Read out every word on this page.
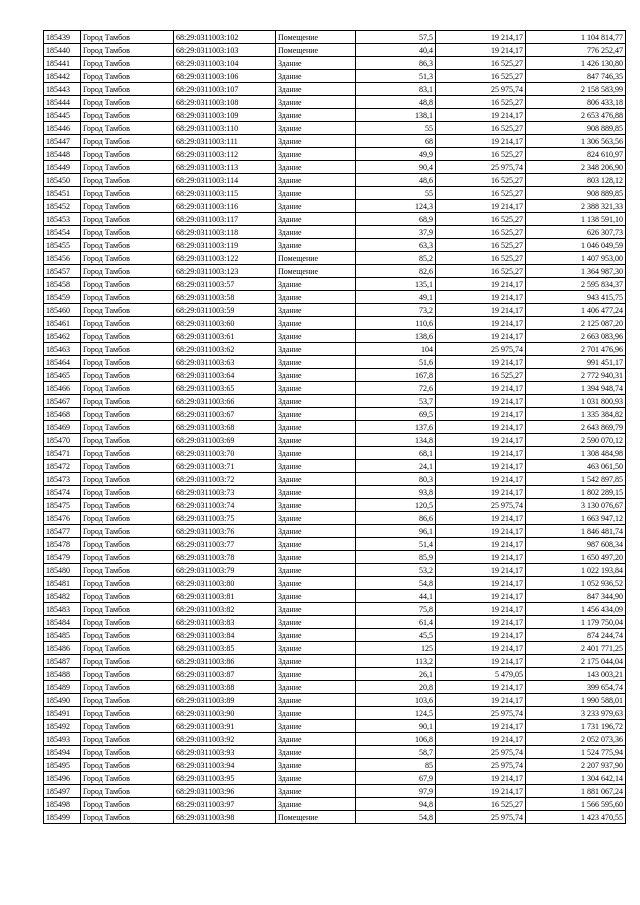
185439	Город Тамбов	68:29:0311003:102	Помещение	57,5	19 214,17	1 104 814,77
185440	Город Тамбов	68:29:0311003:103	Помещение	40,4	19 214,17	776 252,47
185441	Город Тамбов	68:29:0311003:104	Здание	86,3	16 525,27	1 426 130,80
185442	Город Тамбов	68:29:0311003:106	Здание	51,3	16 525,27	847 746,35
185443	Город Тамбов	68:29:0311003:107	Здание	83,1	25 975,74	2 158 583,99
185444	Город Тамбов	68:29:0311003:108	Здание	48,8	16 525,27	806 433,18
185445	Город Тамбов	68:29:0311003:109	Здание	138,1	19 214,17	2 653 476,88
185446	Город Тамбов	68:29:0311003:110	Здание	55	16 525,27	908 889,85
185447	Город Тамбов	68:29:0311003:111	Здание	68	19 214,17	1 306 563,56
185448	Город Тамбов	68:29:0311003:112	Здание	49,9	16 525,27	824 610,97
185449	Город Тамбов	68:29:0311003:113	Здание	90,4	25 975,74	2 348 206,90
185450	Город Тамбов	68:29:0311003:114	Здание	48,6	16 525,27	803 128,12
185451	Город Тамбов	68:29:0311003:115	Здание	55	16 525,27	908 889,85
185452	Город Тамбов	68:29:0311003:116	Здание	124,3	19 214,17	2 388 321,33
185453	Город Тамбов	68:29:0311003:117	Здание	68,9	16 525,27	1 138 591,10
185454	Город Тамбов	68:29:0311003:118	Здание	37,9	16 525,27	626 307,73
185455	Город Тамбов	68:29:0311003:119	Здание	63,3	16 525,27	1 046 049,59
185456	Город Тамбов	68:29:0311003:122	Помещение	85,2	16 525,27	1 407 953,00
185457	Город Тамбов	68:29:0311003:123	Помещение	82,6	16 525,27	1 364 987,30
185458	Город Тамбов	68:29:0311003:57	Здание	135,1	19 214,17	2 595 834,37
185459	Город Тамбов	68:29:0311003:58	Здание	49,1	19 214,17	943 415,75
185460	Город Тамбов	68:29:0311003:59	Здание	73,2	19 214,17	1 406 477,24
185461	Город Тамбов	68:29:0311003:60	Здание	110,6	19 214,17	2 125 087,20
185462	Город Тамбов	68:29:0311003:61	Здание	138,6	19 214,17	2 663 083,96
185463	Город Тамбов	68:29:0311003:62	Здание	104	25 975,74	2 701 476,96
185464	Город Тамбов	68:29:0311003:63	Здание	51,6	19 214,17	991 451,17
185465	Город Тамбов	68:29:0311003:64	Здание	167,8	16 525,27	2 772 940,31
185466	Город Тамбов	68:29:0311003:65	Здание	72,6	19 214,17	1 394 948,74
185467	Город Тамбов	68:29:0311003:66	Здание	53,7	19 214,17	1 031 800,93
185468	Город Тамбов	68:29:0311003:67	Здание	69,5	19 214,17	1 335 384,82
185469	Город Тамбов	68:29:0311003:68	Здание	137,6	19 214,17	2 643 869,79
185470	Город Тамбов	68:29:0311003:69	Здание	134,8	19 214,17	2 590 070,12
185471	Город Тамбов	68:29:0311003:70	Здание	68,1	19 214,17	1 308 484,98
185472	Город Тамбов	68:29:0311003:71	Здание	24,1	19 214,17	463 061,50
185473	Город Тамбов	68:29:0311003:72	Здание	80,3	19 214,17	1 542 897,85
185474	Город Тамбов	68:29:0311003:73	Здание	93,8	19 214,17	1 802 289,15
185475	Город Тамбов	68:29:0311003:74	Здание	120,5	25 975,74	3 130 076,67
185476	Город Тамбов	68:29:0311003:75	Здание	86,6	19 214,17	1 663 947,12
185477	Город Тамбов	68:29:0311003:76	Здание	96,1	19 214,17	1 846 481,74
185478	Город Тамбов	68:29:0311003:77	Здание	51,4	19 214,17	987 608,34
185479	Город Тамбов	68:29:0311003:78	Здание	85,9	19 214,17	1 650 497,20
185480	Город Тамбов	68:29:0311003:79	Здание	53,2	19 214,17	1 022 193,84
185481	Город Тамбов	68:29:0311003:80	Здание	54,8	19 214,17	1 052 936,52
185482	Город Тамбов	68:29:0311003:81	Здание	44,1	19 214,17	847 344,90
185483	Город Тамбов	68:29:0311003:82	Здание	75,8	19 214,17	1 456 434,09
185484	Город Тамбов	68:29:0311003:83	Здание	61,4	19 214,17	1 179 750,04
185485	Город Тамбов	68:29:0311003:84	Здание	45,5	19 214,17	874 244,74
185486	Город Тамбов	68:29:0311003:85	Здание	125	19 214,17	2 401 771,25
185487	Город Тамбов	68:29:0311003:86	Здание	113,2	19 214,17	2 175 044,04
185488	Город Тамбов	68:29:0311003:87	Здание	26,1	5 479,05	143 003,21
185489	Город Тамбов	68:29:0311003:88	Здание	20,8	19 214,17	399 654,74
185490	Город Тамбов	68:29:0311003:89	Здание	103,6	19 214,17	1 990 588,01
185491	Город Тамбов	68:29:0311003:90	Здание	124,5	25 975,74	3 233 979,63
185492	Город Тамбов	68:29:0311003:91	Здание	90,1	19 214,17	1 731 196,72
185493	Город Тамбов	68:29:0311003:92	Здание	106,8	19 214,17	2 052 073,36
185494	Город Тамбов	68:29:0311003:93	Здание	58,7	25 975,74	1 524 775,94
185495	Город Тамбов	68:29:0311003:94	Здание	85	25 975,74	2 207 937,90
185496	Город Тамбов	68:29:0311003:95	Здание	67,9	19 214,17	1 304 642,14
185497	Город Тамбов	68:29:0311003:96	Здание	97,9	19 214,17	1 881 067,24
185498	Город Тамбов	68:29:0311003:97	Здание	94,8	16 525,27	1 566 595,60
185499	Город Тамбов	68:29:0311003:98	Помещение	54,8	25 975,74	1 423 470,55
